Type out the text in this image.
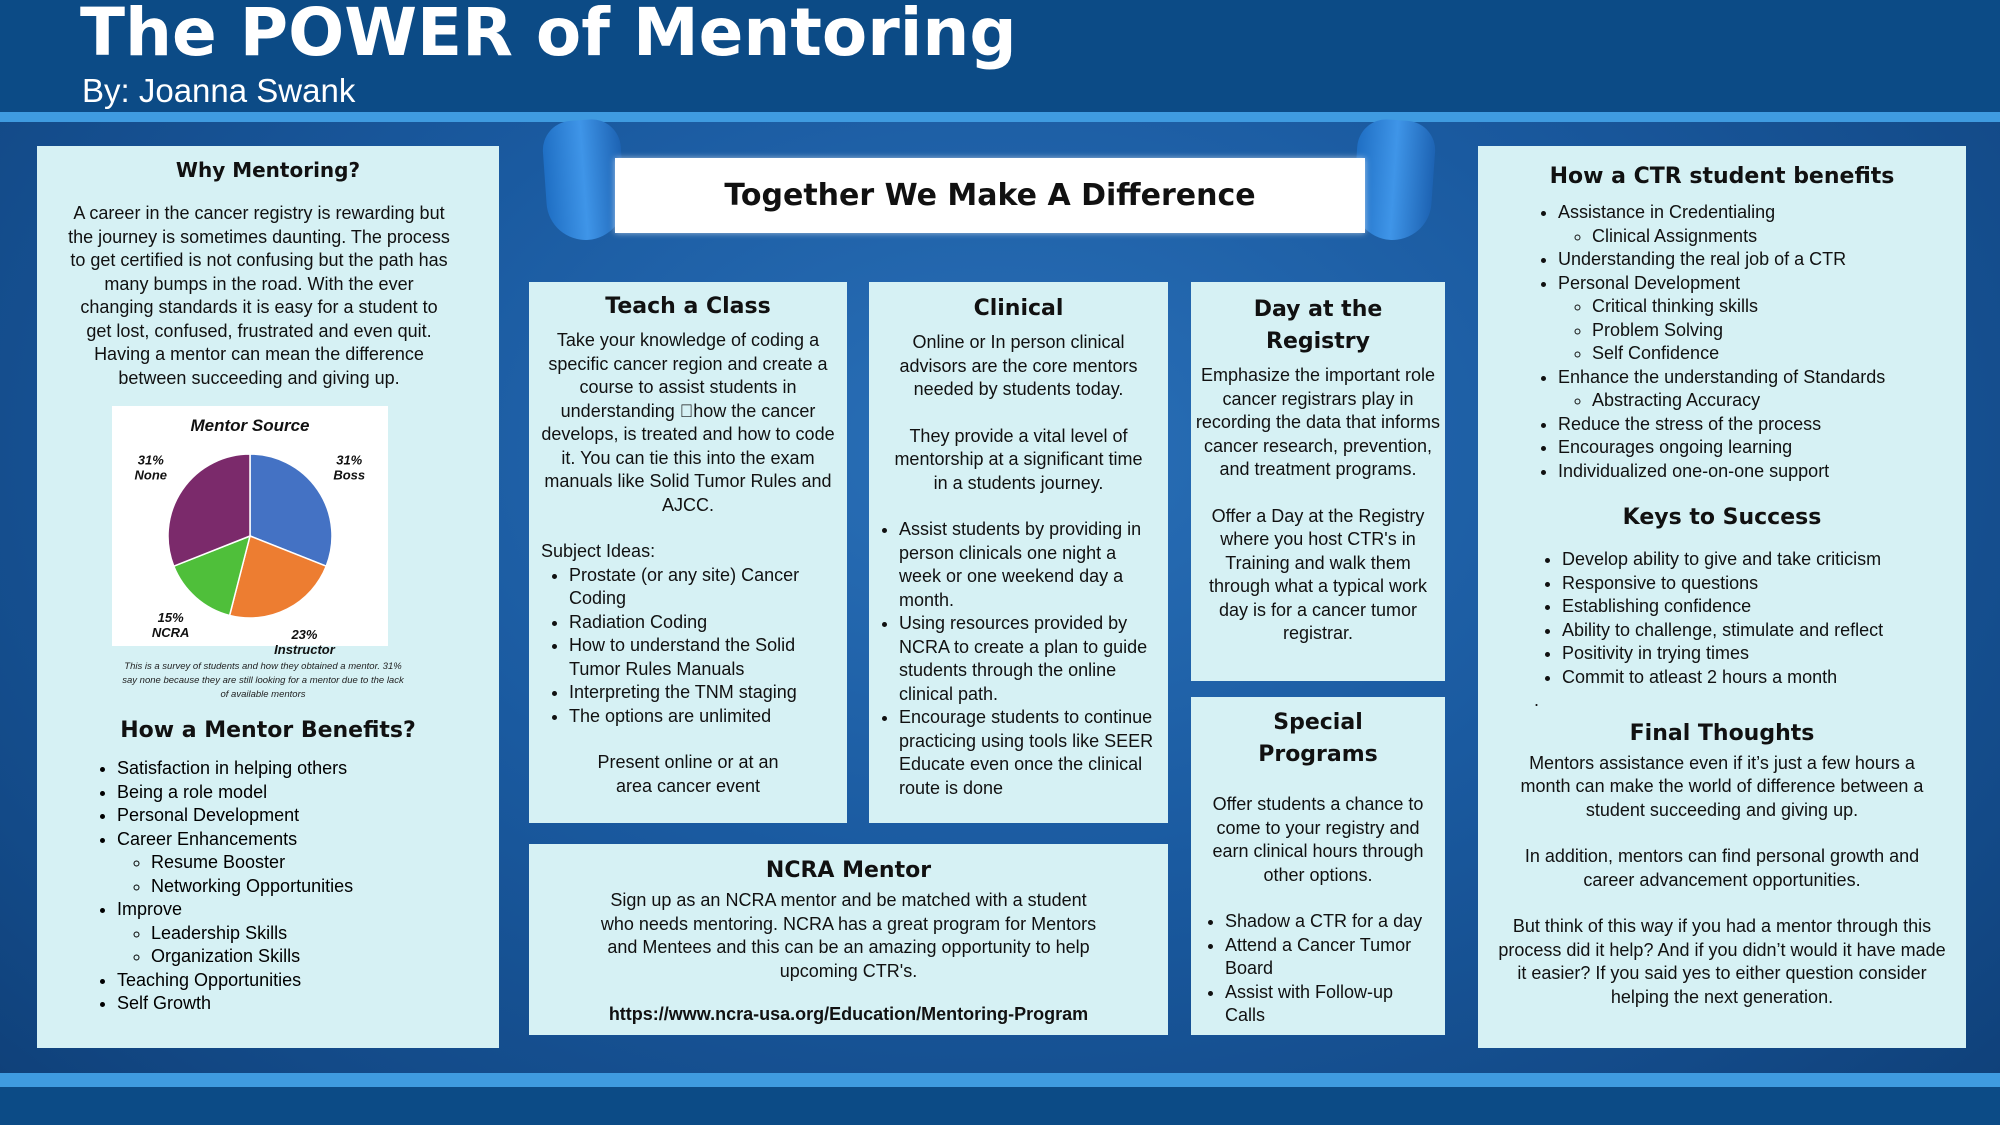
The POWER of Mentoring
By: Joanna Swank
Together We Make A Difference
Why Mentoring?

A career in the cancer registry is rewarding but the journey is sometimes daunting. The process to get certified is not confusing but the path has many bumps in the road. With the ever changing standards it is easy for a student to get lost, confused, frustrated and even quit. Having a mentor can mean the difference between succeeding and giving up.

Mentor Source
31% Boss
23% Instructor
15% NCRA
31% None
This is a survey of students and how they obtained a mentor. 31% say none because they are still looking for a mentor due to the lack of available mentors
How a Mentor Benefits?
• Satisfaction in helping others
• Being a role model
• Personal Development
• Career Enhancements
◦ Resume Booster
◦ Networking Opportunities
• Improve
◦ Leadership Skills
◦ Organization Skills
• Teaching Opportunities
• Self Growth
Teach a Class

Take your knowledge of coding a specific cancer region and create a course to assist students in understanding  how the cancer develops, is treated and how to code it. You can tie this into the exam manuals like Solid Tumor Rules and AJCC.

Subject Ideas:

• Prostate (or any site) Cancer Coding
• Radiation Coding
• How to understand the Solid Tumor Rules Manuals
• Interpreting the TNM staging
• The options are unlimited

Present online or at an area cancer event

Clinical

Online or In person clinical advisors are the core mentors needed by students today.

They provide a vital level of mentorship at a significant time in a students journey.

• Assist students by providing in person clinicals one night a week or one weekend day a month.
• Using resources provided by NCRA to create a plan to guide students through the online clinical path.
• Encourage students to continue practicing using tools like SEER Educate even once the clinical route is done
Day at the Registry

Emphasize the important role cancer registrars play in recording the data that informs cancer research, prevention, and treatment programs.

Offer a Day at the Registry where you host CTR's in Training and walk them through what a typical work day is for a cancer tumor registrar.

Special Programs

Offer students a chance to come to your registry and earn clinical hours through other options.

• Shadow a CTR for a day
• Attend a Cancer Tumor Board
• Assist with Follow-up Calls
NCRA Mentor

Sign up as an NCRA mentor and be matched with a student who needs mentoring. NCRA has a great program for Mentors and Mentees and this can be an amazing opportunity to help upcoming CTR's.

https://www.ncra-usa.org/Education/Mentoring-Program

How a CTR student benefits
• Assistance in Credentialing
◦ Clinical Assignments
• Understanding the real job of a CTR
• Personal Development
◦ Critical thinking skills
◦ Problem Solving
◦ Self Confidence
• Enhance the understanding of Standards
◦ Abstracting Accuracy
• Reduce the stress of the process
• Encourages ongoing learning
• Individualized one-on-one support
Keys to Success
• Develop ability to give and take criticism
• Responsive to questions
• Establishing confidence
• Ability to challenge, stimulate and reflect
• Positivity in trying times
• Commit to atleast 2 hours a month
.
Final Thoughts

Mentors assistance even if it’s just a few hours a month can make the world of difference between a student succeeding and giving up.

In addition, mentors can find personal growth and career advancement opportunities.

But think of this way if you had a mentor through this process did it help? And if you didn’t would it have made it easier? If you said yes to either question consider helping the next generation.
